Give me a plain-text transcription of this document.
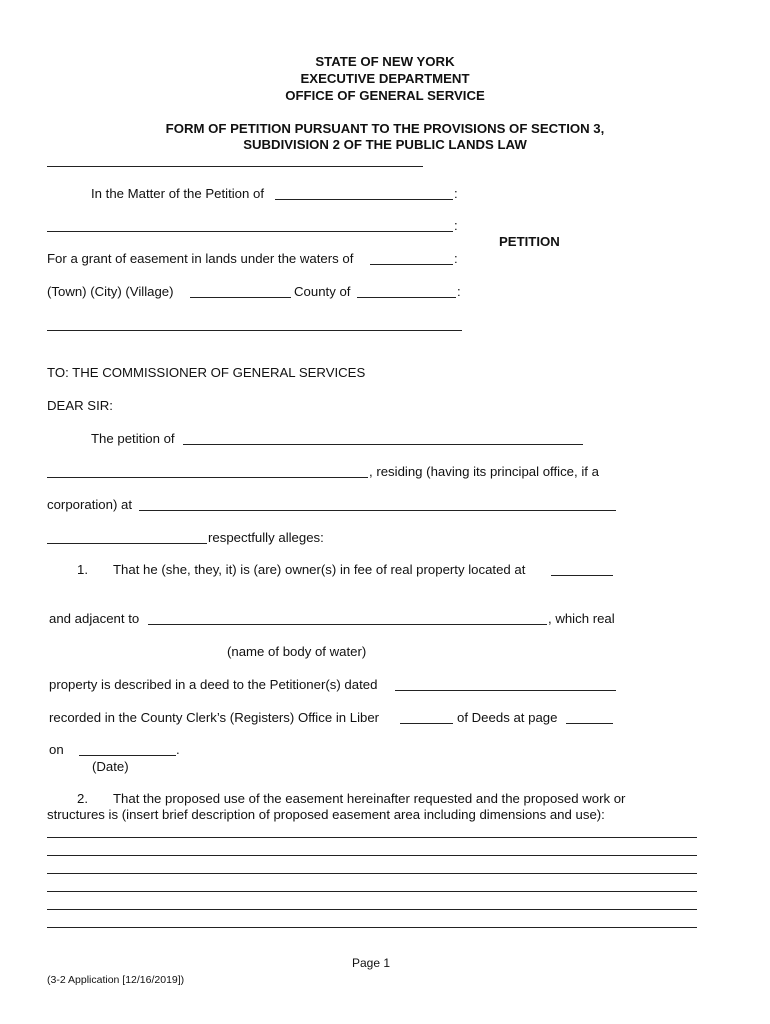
STATE OF NEW YORK
EXECUTIVE DEPARTMENT
OFFICE OF GENERAL SERVICE
FORM OF PETITION PURSUANT TO THE PROVISIONS OF SECTION 3,
SUBDIVISION 2 OF THE PUBLIC LANDS LAW
In the Matter of the Petition of	:
:
PETITION
For a grant of easement in lands under the waters of	:
(Town) (City) (Village)	County of	:
TO: THE COMMISSIONER OF GENERAL SERVICES
DEAR SIR:
The petition of
, residing (having its principal office, if a
corporation) at
respectfully alleges:
1. That he (she, they, it) is (are) owner(s) in fee of real property located at
and adjacent to	, which real
(name of body of water)
property is described in a deed to the Petitioner(s) dated
recorded in the County Clerk’s (Registers) Office in Liber	of Deeds at page
on	.
(Date)
2. That the proposed use of the easement hereinafter requested and the proposed work or
structures is (insert brief description of proposed easement area including dimensions and use):
Page 1
(3-2 Application [12/16/2019])
